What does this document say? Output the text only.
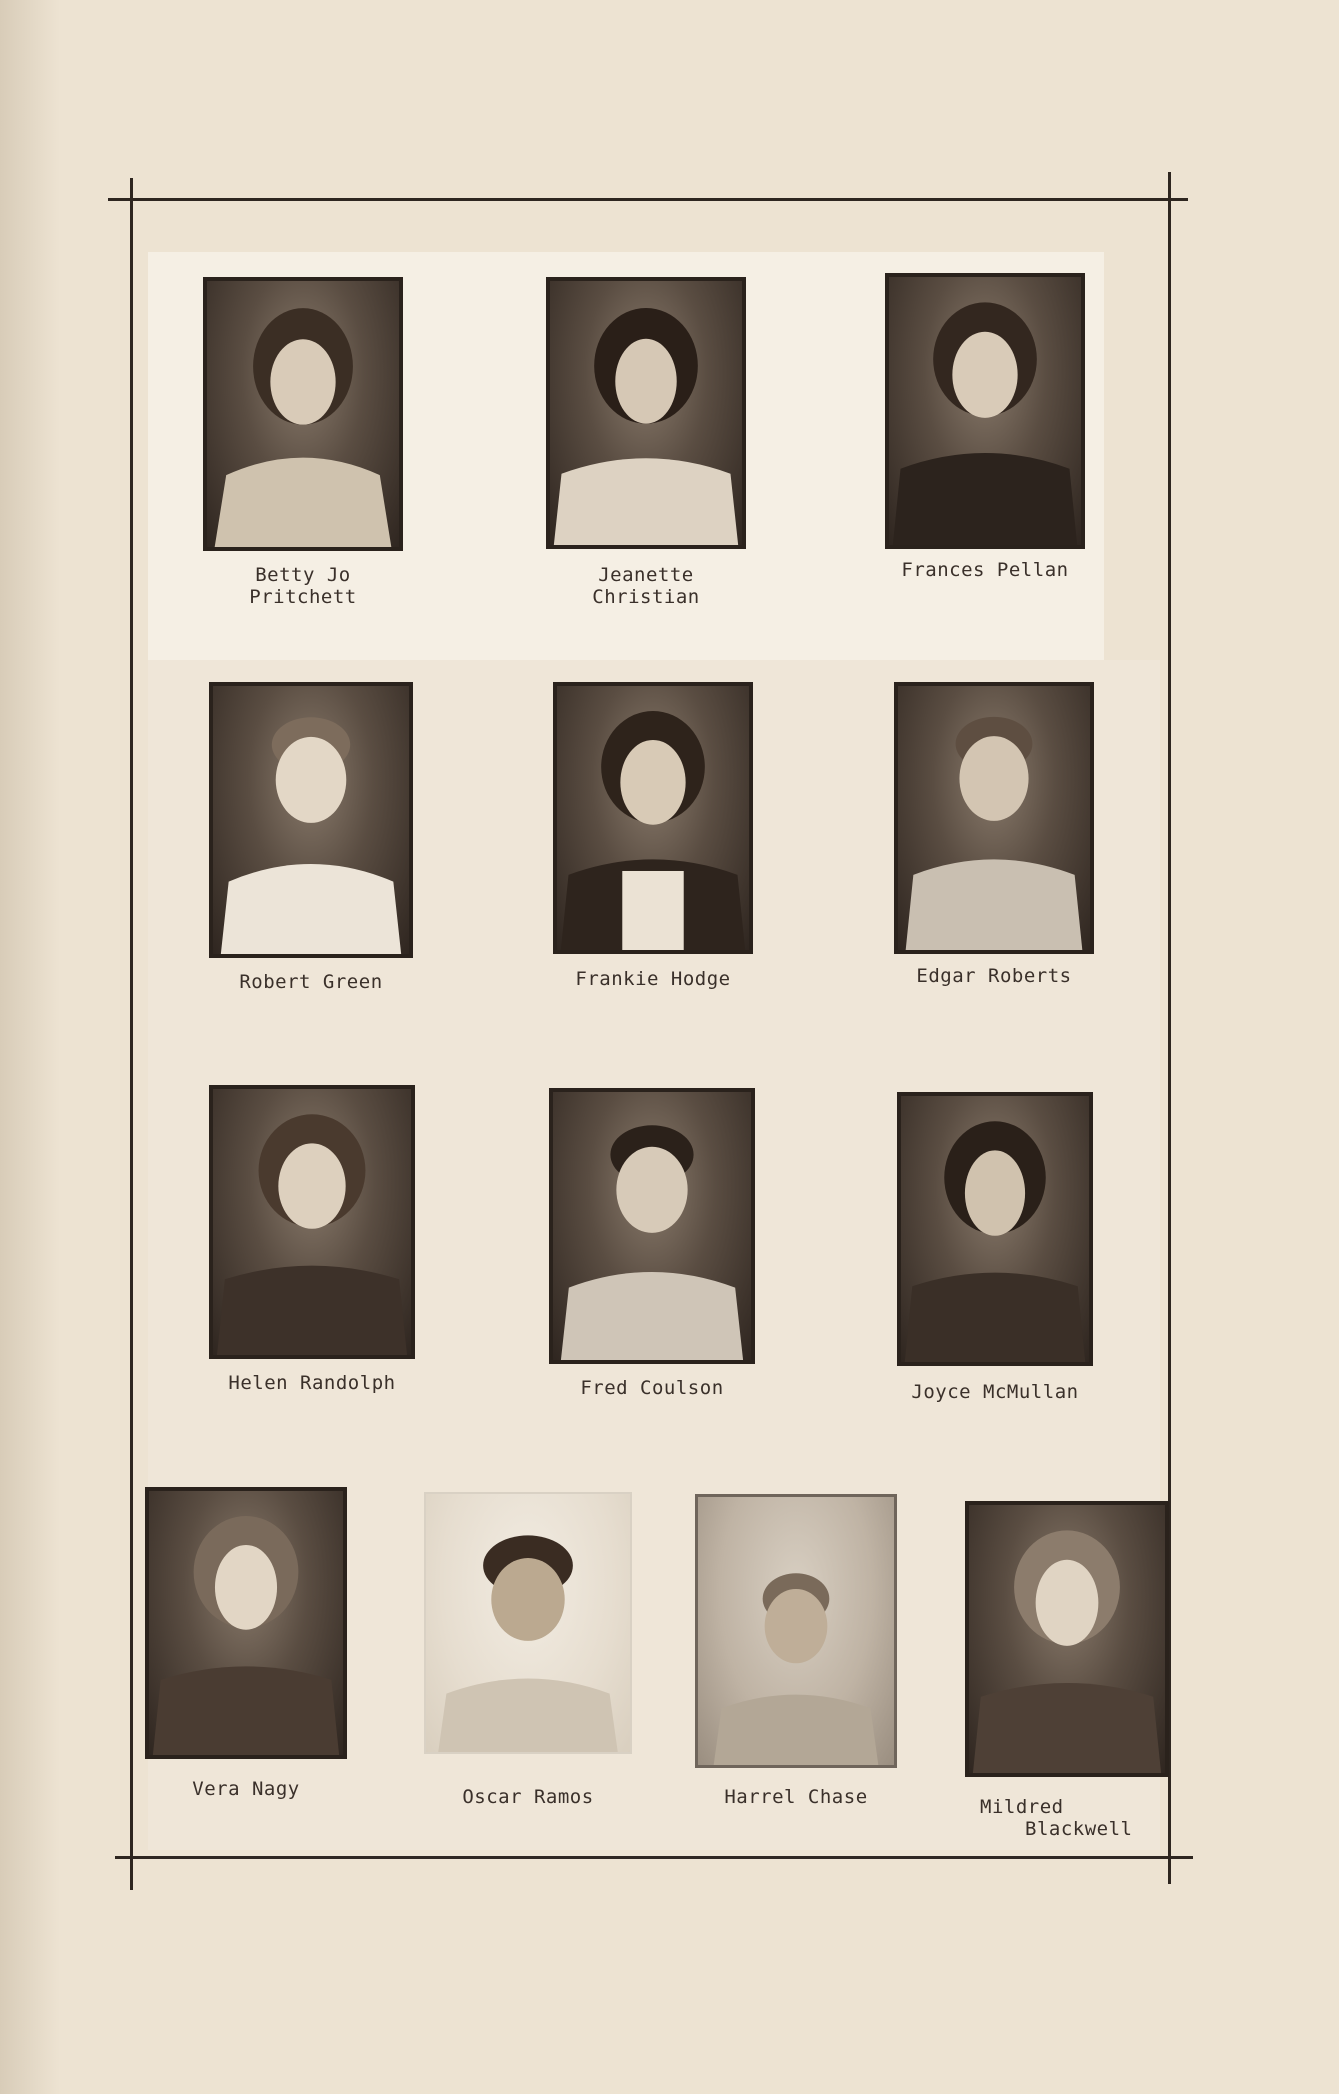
Betty Jo
Pritchett
Jeanette
Christian
Frances Pellan
Robert Green	Frankie Hodge	Edgar Roberts
Helen Randolph	Fred Coulson	Joyce McMullan
Vera Nagy	Oscar Ramos	Harrel Chase	Mildred
Blackwell
